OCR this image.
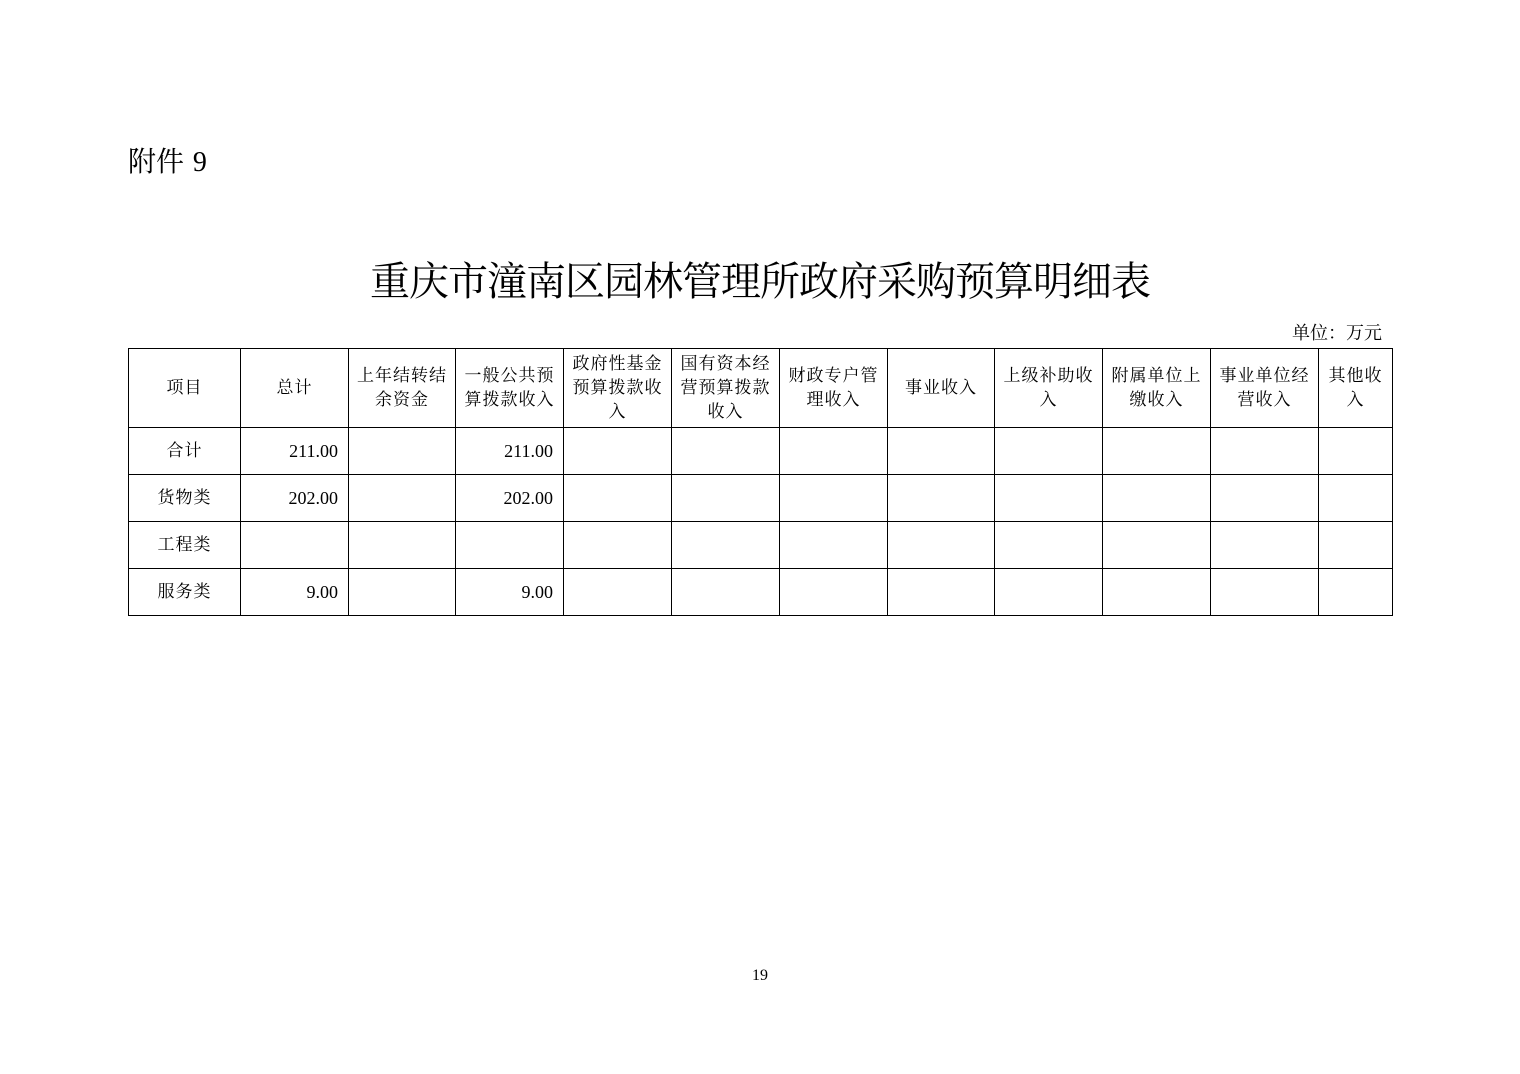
附件 9
重庆市潼南区园林管理所政府采购预算明细表
单位：万元
项目	总计	上年结转结余资金	一般公共预算拨款收入	政府性基金预算拨款收入	国有资本经营预算拨款收入	财政专户管理收入	事业收入	上级补助收入	附属单位上缴收入	事业单位经营收入	其他收入
合计	211.00		211.00								
货物类	202.00		202.00								
工程类											
服务类	9.00		9.00								
19
